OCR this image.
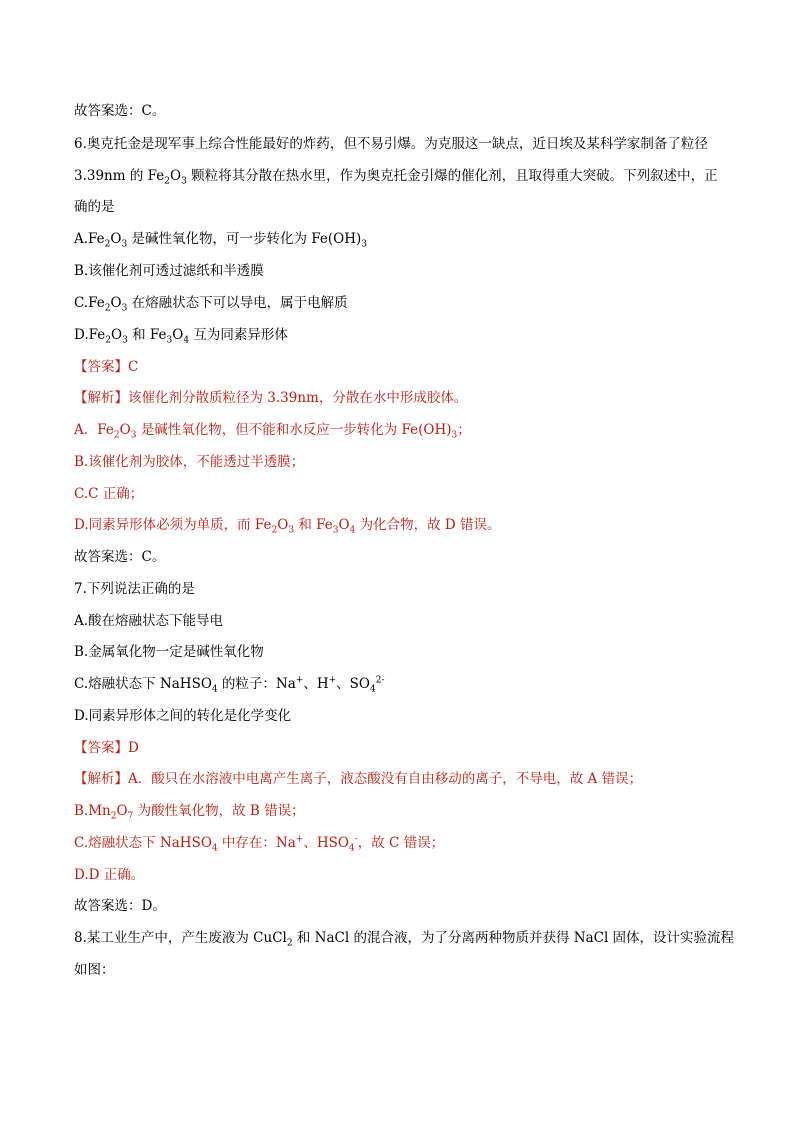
故答案选：C。
6.奥克托金是现军事上综合性能最好的炸药，但不易引爆。为克服这一缺点，近日埃及某科学家制备了粒径
3.39nm 的 $Fe_2O_3$ 颗粒将其分散在热水里，作为奥克托金引爆的催化剂，且取得重大突破。下列叙述中，正
确的是
$A.Fe_2O_3$ 是碱性氧化物，可一步转化为 $Fe(OH)_3$
B.该催化剂可透过滤纸和半透膜
$C.Fe_2O_3$ 在熔融状态下可以导电，属于电解质
$D.Fe_2O_3$ 和 $Fe_3O_4$ 互为同素异形体
【答案】C
【解析】该催化剂分散质粒径为 3.39nm，分散在水中形成胶体。
A．$Fe_2O_3$ 是碱性氧化物，但不能和水反应一步转化为 $Fe(OH)_3$；
B.该催化剂为胶体，不能透过半透膜；
C.C 正确；
D.同素异形体必须为单质，而 $Fe_2O_3$ 和 $Fe_3O_4$ 为化合物，故 D 错误。
故答案选：C。
7.下列说法正确的是
A.酸在熔融状态下能导电
B.金属氧化物一定是碱性氧化物
C.熔融状态下 NaHSO$_4$ 的粒子：Na+、H+、$SO_4^{2-}$
D.同素异形体之间的转化是化学变化
【答案】D
【解析】A．酸只在水溶液中电离产生离子，液态酸没有自由移动的离子，不导电，故 A 错误；
$B.Mn_2O_7$ 为酸性氧化物，故 B 错误；
C.熔融状态下 NaHSO$_4$ 中存在：Na+、$HSO_4^-$，故 C 错误；
D.D 正确。
故答案选：D。
8.某工业生产中，产生废液为 CuCl$_2$ 和 NaCl 的混合液，为了分离两种物质并获得 NaCl 固体，设计实验流程
如图：
